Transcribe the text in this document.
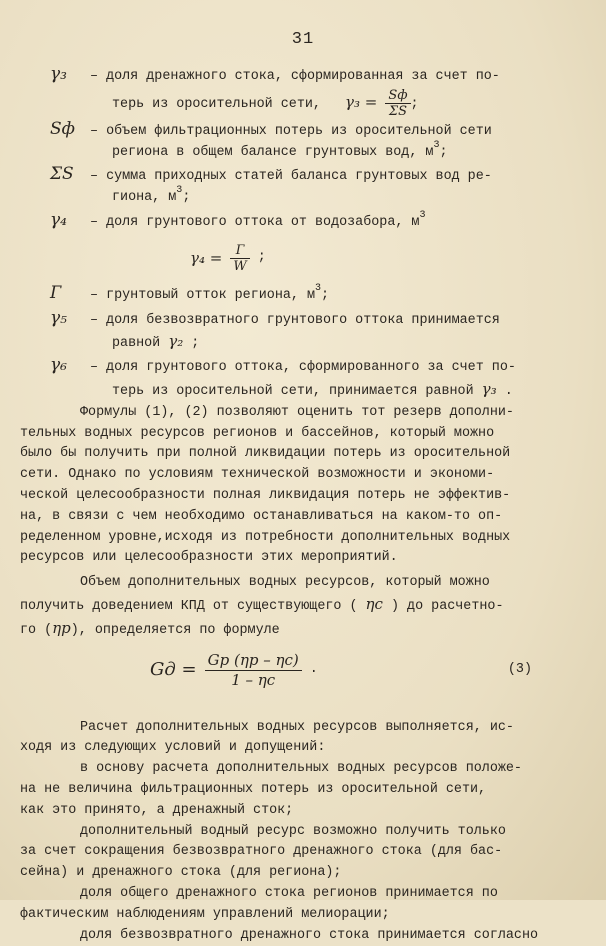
31
γ₃ – доля дренажного стока, сформированная за счет по-
терь из оросительной сети, $\gamma_3 = \frac{Sф}{\Sigma S}$ ;
Sф – объем фильтрационных потерь из оросительной сети
региона в общем балансе грунтовых вод, $м^3$;
ΣS – сумма приходных статей баланса грунтовых вод ре-
гиона, $м^3$;
γ₄ – доля грунтового оттока от водозабора, $м^3$
γ₄ =
$\frac{Г}{W}$
;
Г – грунтовый отток региона, $м^3$;
γ₅ – доля безвозвратного грунтового оттока принимается
равной γ₂ ;
γ₆ – доля грунтового оттока, сформированного за счет по-
терь из оросительной сети, принимается равной γ₃ .
Формулы (1), (2) позволяют оценить тот резерв дополни-
тельных водных ресурсов регионов и бассейнов, который можно
было бы получить при полной ликвидации потерь из оросительной
сети. Однако по условиям технической возможности и экономи-
ческой целесообразности полная ликвидация потерь не эффектив-
на, в связи с чем необходимо останавливаться на каком-то оп-
ределенном уровне,исходя из потребности дополнительных водных
ресурсов или целесообразности этих мероприятий.
Объем дополнительных водных ресурсов, который можно
получить доведением КПД от существующего ( ηc ) до расчетно-
го (ηp), определяется по формуле
Gд =
$\frac{Gр (\eta р - \eta с)}{1 - \eta с}$
.	(3)
Расчет дополнительных водных ресурсов выполняется, ис-
ходя из следующих условий и допущений:
в основу расчета дополнительных водных ресурсов положе-
на не величина фильтрационных потерь из оросительной сети,
как это принято, а дренажный сток;
дополнительный водный ресурс возможно получить только
за счет сокращения безвозвратного дренажного стока (для бас-
сейна) и дренажного стока (для региона);
доля общего дренажного стока регионов принимается по
фактическим наблюдениям управлений мелиорации;
доля безвозвратного дренажного стока принимается согласно
